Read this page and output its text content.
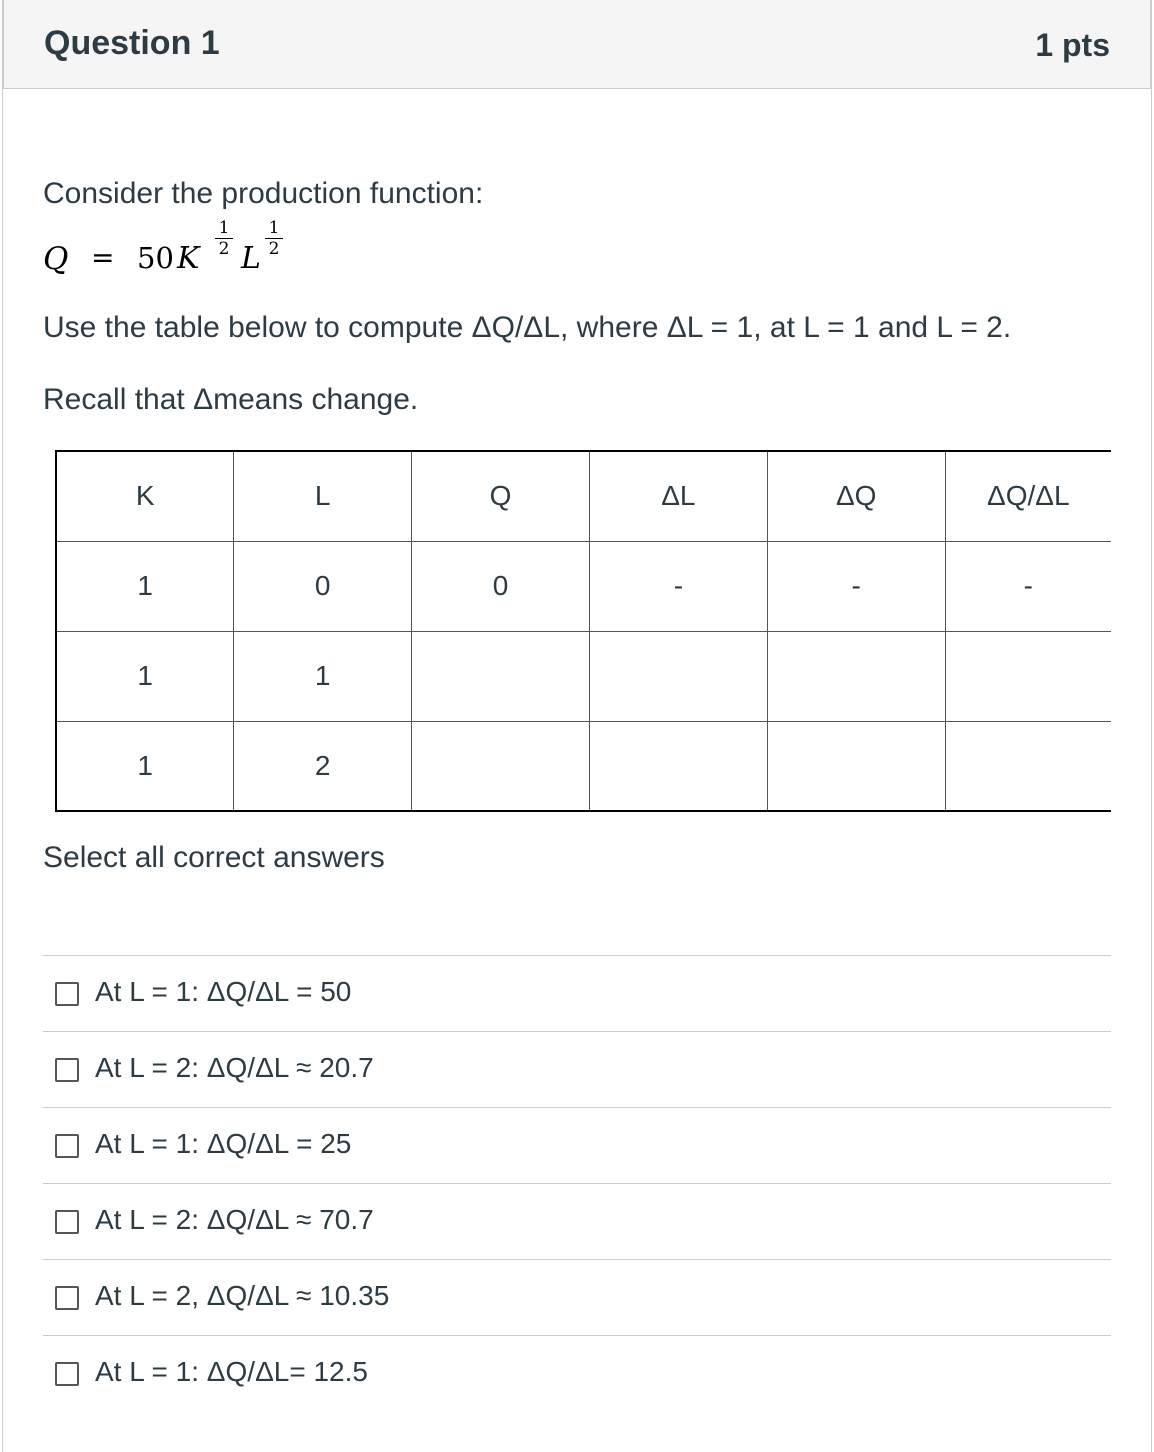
Question 1	1 pts
Consider the production function:
Q = 50 K
1
2 L
1
2
Use the table below to compute ΔQ/ΔL, where ΔL = 1, at L = 1 and L = 2.
Recall that Δmeans change.
K	L	Q	ΔL	ΔQ	ΔQ/ΔL
1	0	0	-	-	-
1	1				
1	2				
Select all correct answers
At L = 1: ΔQ/ΔL = 50
At L = 2: ΔQ/ΔL ≈ 20.7
At L = 1: ΔQ/ΔL = 25
At L = 2: ΔQ/ΔL ≈ 70.7
At L = 2, ΔQ/ΔL ≈ 10.35
At L = 1: ΔQ/ΔL= 12.5
